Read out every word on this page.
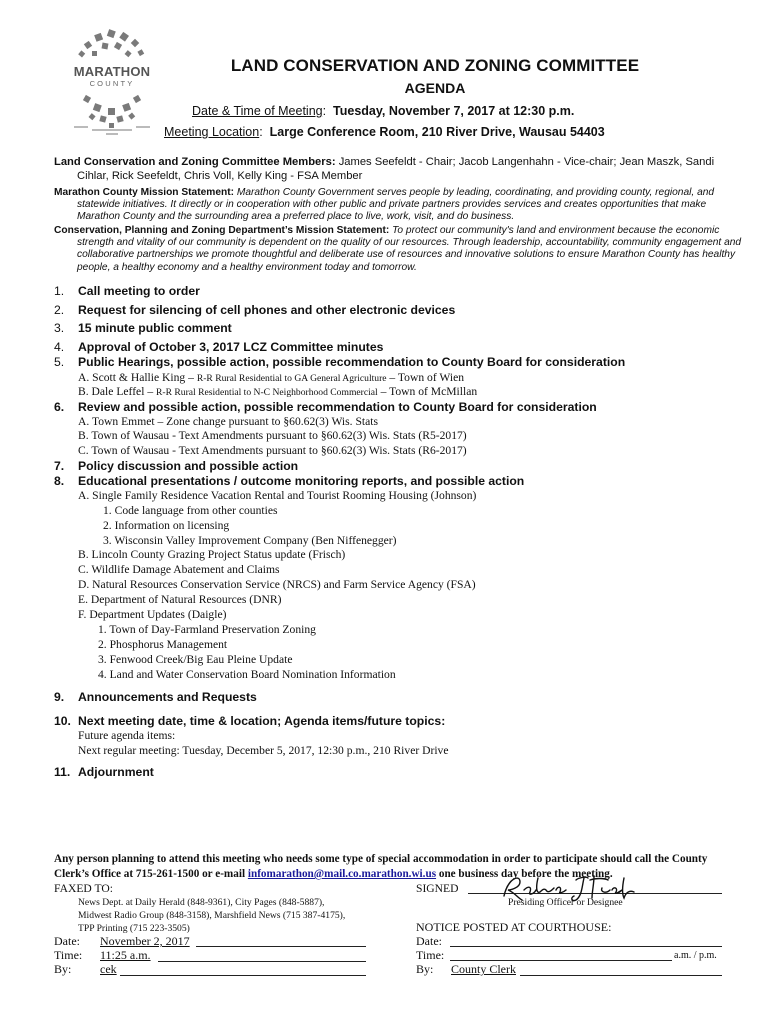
MARATHON
COUNTY
LAND CONSERVATION AND ZONING COMMITTEE
AGENDA
Date & Time of Meeting:  Tuesday, November 7, 2017 at 12:30 p.m.
Meeting Location:  Large Conference Room, 210 River Drive, Wausau 54403
Land Conservation and Zoning Committee Members: James Seefeldt - Chair; Jacob Langenhahn - Vice-chair; Jean Maszk, Sandi Cihlar, Rick Seefeldt, Chris Voll, Kelly King - FSA Member
Marathon County Mission Statement: Marathon County Government serves people by leading, coordinating, and providing county, regional, and statewide initiatives. It directly or in cooperation with other public and private partners provides services and creates opportunities that make Marathon County and the surrounding area a preferred place to live, work, visit, and do business.
Conservation, Planning and Zoning Department’s Mission Statement: To protect our community's land and environment because the economic strength and vitality of our community is dependent on the quality of our resources. Through leadership, accountability, community engagement and collaborative partnerships we promote thoughtful and deliberate use of resources and innovative solutions to ensure Marathon County has healthy people, a healthy economy and a healthy environment today and tomorrow.
1. Call meeting to order
2. Request for silencing of cell phones and other electronic devices
3. 15 minute public comment
4. Approval of October 3, 2017 LCZ Committee minutes
5. Public Hearings, possible action, possible recommendation to County Board for consideration
A. Scott & Hallie King – R-R Rural Residential to GA General Agriculture – Town of Wien
B. Dale Leffel – R-R Rural Residential to N-C Neighborhood Commercial – Town of McMillan
6. Review and possible action, possible recommendation to County Board for consideration
A. Town Emmet – Zone change pursuant to §60.62(3) Wis. Stats
B. Town of Wausau - Text Amendments pursuant to §60.62(3) Wis. Stats (R5-2017)
C. Town of Wausau - Text Amendments pursuant to §60.62(3) Wis. Stats (R6-2017)
7. Policy discussion and possible action
8. Educational presentations / outcome monitoring reports, and possible action
A. Single Family Residence Vacation Rental and Tourist Rooming Housing (Johnson)
1. Code language from other counties
2. Information on licensing
3. Wisconsin Valley Improvement Company (Ben Niffenegger)
B. Lincoln County Grazing Project Status update (Frisch)
C. Wildlife Damage Abatement and Claims
D. Natural Resources Conservation Service (NRCS) and Farm Service Agency (FSA)
E. Department of Natural Resources (DNR)
F. Department Updates (Daigle)
1. Town of Day-Farmland Preservation Zoning
2. Phosphorus Management
3. Fenwood Creek/Big Eau Pleine Update
4. Land and Water Conservation Board Nomination Information
9. Announcements and Requests
10. Next meeting date, time & location; Agenda items/future topics:
Future agenda items:
Next regular meeting: Tuesday, December 5, 2017, 12:30 p.m., 210 River Drive
11. Adjournment
Any person planning to attend this meeting who needs some type of special accommodation in order to participate should call the County Clerk’s Office at 715-261-1500 or e-mail infomarathon@mail.co.marathon.wi.us one business day before the meeting.
FAXED TO:
News Dept. at Daily Herald (848-9361), City Pages (848-5887),
Midwest Radio Group (848-3158), Marshfield News (715 387-4175),
TPP Printing (715 223-3505)
Date: November 2, 2017
Time: 11:25 a.m.
By: cek
SIGNED
Presiding Officer or Designee
NOTICE POSTED AT COURTHOUSE:
Date:
Time:	a.m. / p.m.
By: County Clerk
